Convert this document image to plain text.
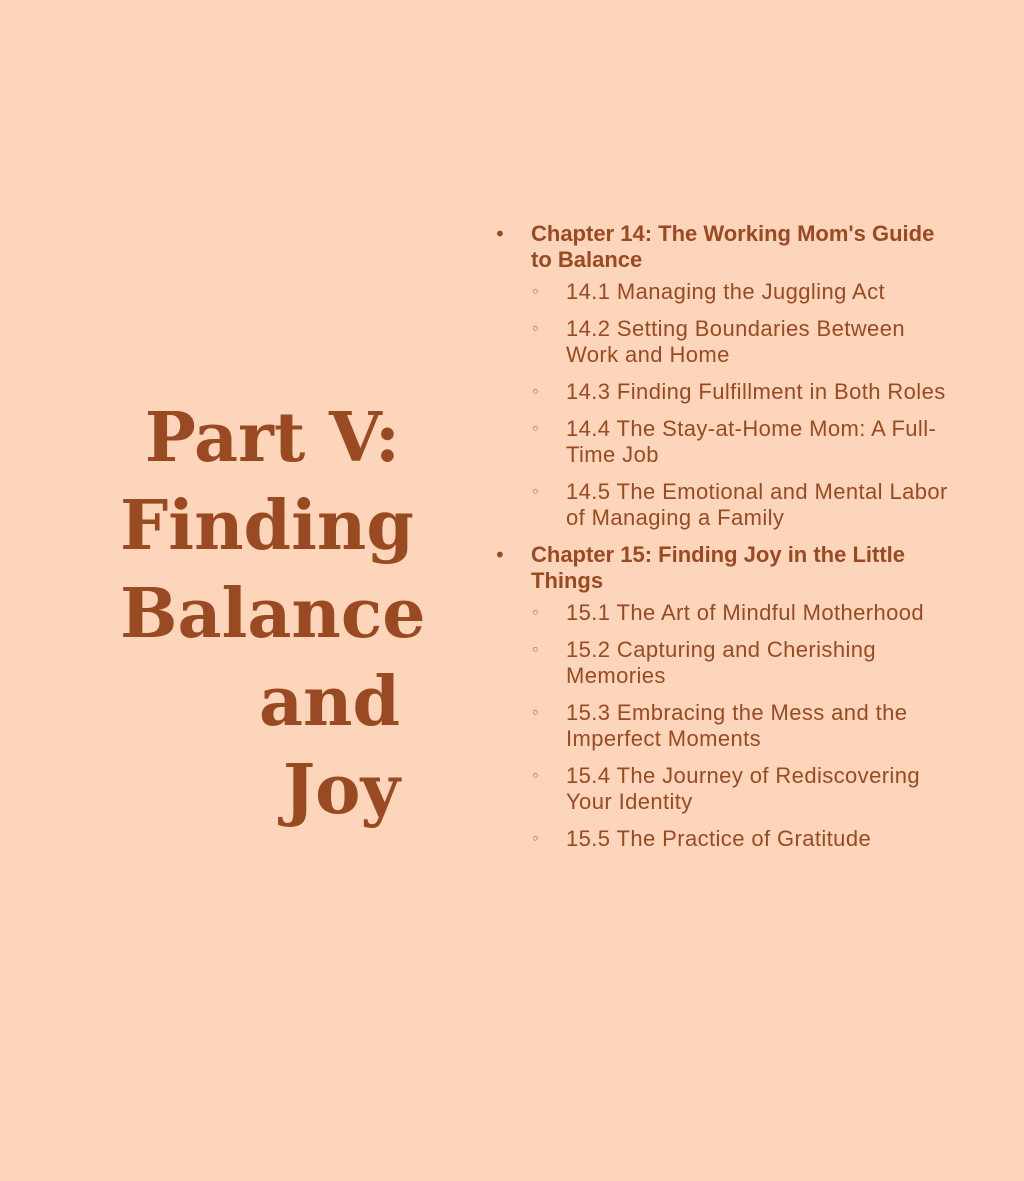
Part V:
Finding
Balance
and Joy
• Chapter 14: The Working Mom's Guide to Balance
◦ 14.1 Managing the Juggling Act
◦ 14.2 Setting Boundaries Between Work and Home
◦ 14.3 Finding Fulfillment in Both Roles
◦ 14.4 The Stay-at-Home Mom: A Full-Time Job
◦ 14.5 The Emotional and Mental Labor of Managing a Family
• Chapter 15: Finding Joy in the Little Things
◦ 15.1 The Art of Mindful Motherhood
◦ 15.2 Capturing and Cherishing Memories
◦ 15.3 Embracing the Mess and the Imperfect Moments
◦ 15.4 The Journey of Rediscovering Your Identity
◦ 15.5 The Practice of Gratitude
